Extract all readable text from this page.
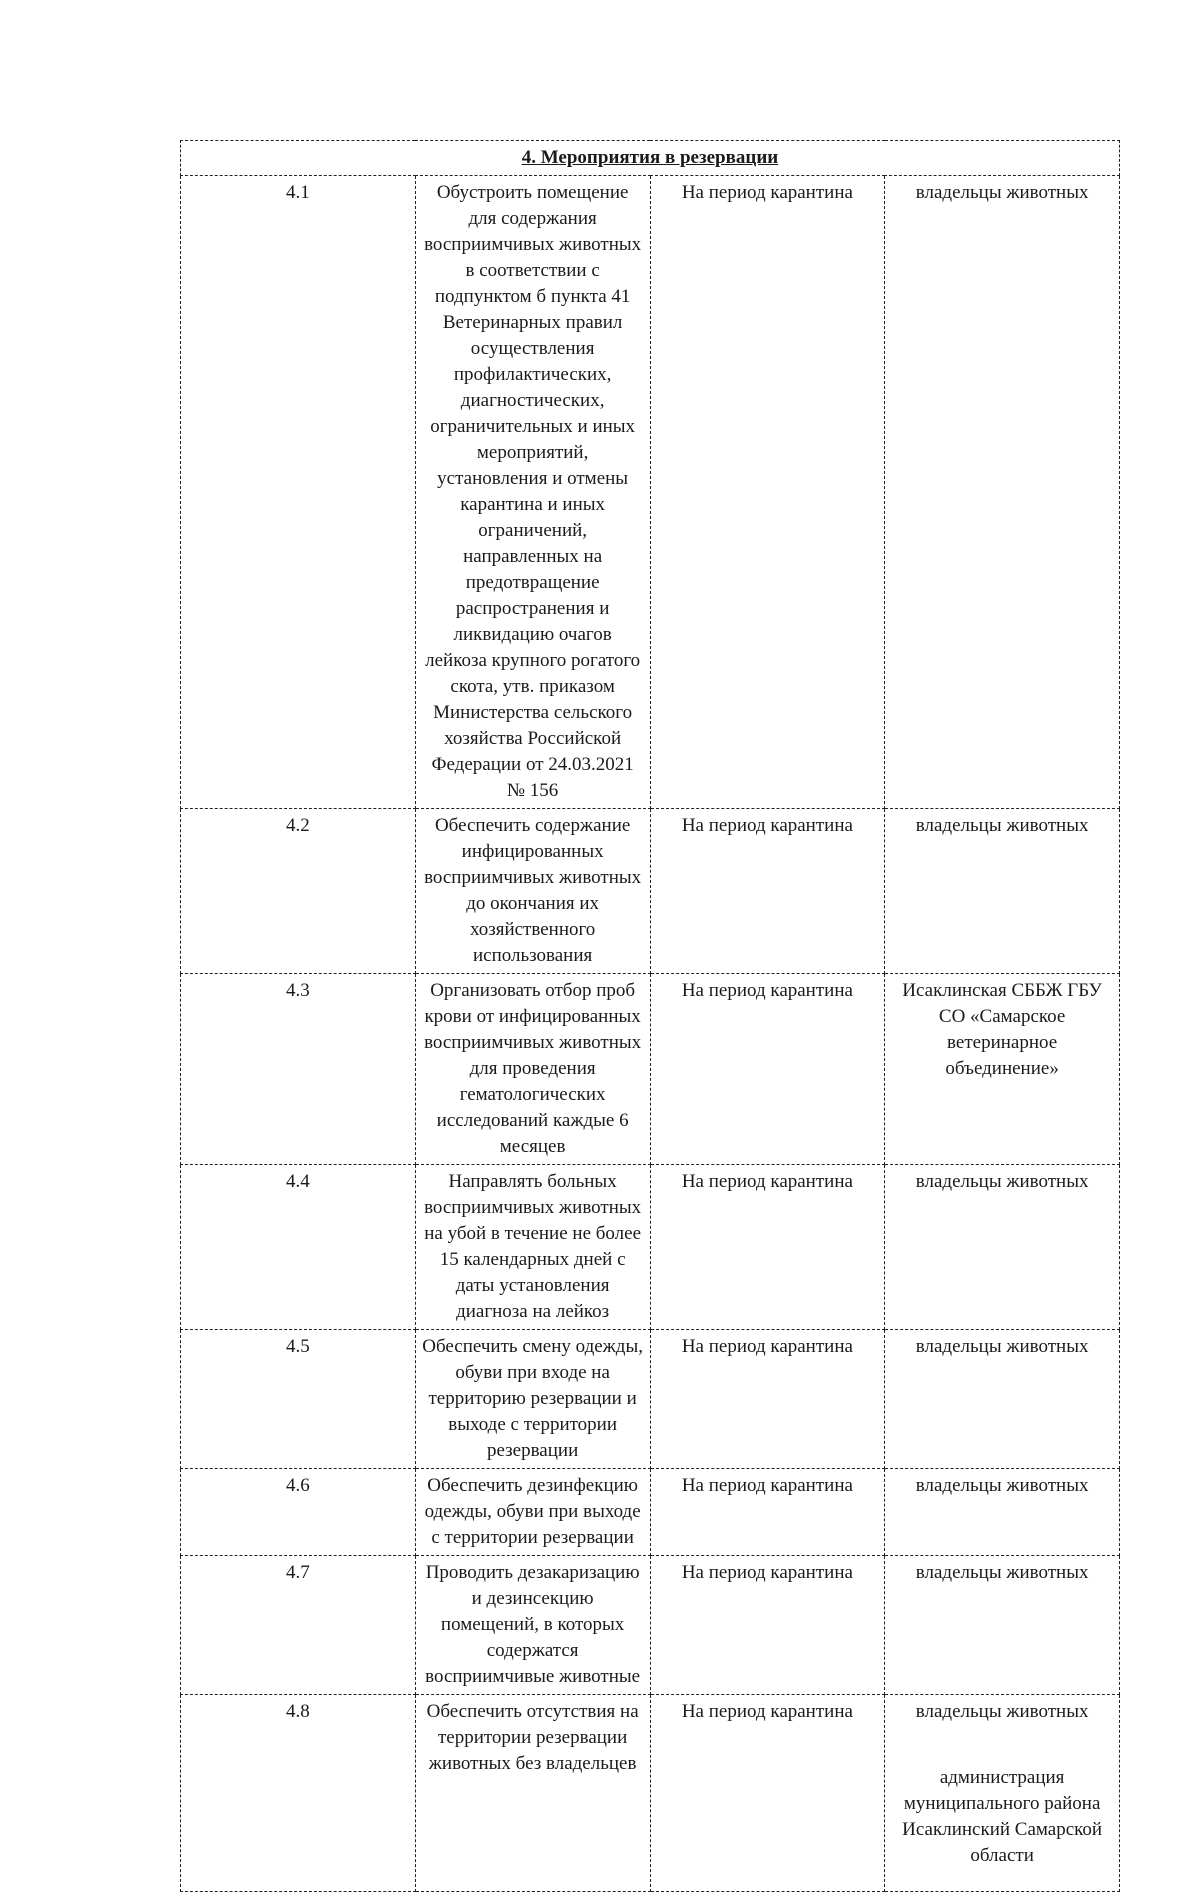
4. Мероприятия в резервации			
4.1	Обустроить помещение для содержания восприимчивых животных в соответствии с подпунктом б пункта 41 Ветеринарных правил осуществления профилактических, диагностических, ограничительных и иных мероприятий, установления и отмены карантина и иных ограничений, направленных на предотвращение распространения и ликвидацию очагов лейкоза крупного рогатого скота, утв. приказом Министерства сельского хозяйства Российской Федерации от 24.03.2021 № 156	На период карантина	владельцы животных
4.2	Обеспечить содержание инфицированных восприимчивых животных до окончания их хозяйственного использования	На период карантина	владельцы животных
4.3	Организовать отбор проб крови от инфицированных восприимчивых животных для проведения гематологических исследований каждые 6 месяцев	На период карантина	Исаклинская СББЖ ГБУ СО «Самарское ветеринарное объединение»
4.4	Направлять больных восприимчивых животных на убой в течение не более 15 календарных дней с даты установления диагноза на лейкоз	На период карантина	владельцы животных
4.5	Обеспечить смену одежды, обуви при входе на территорию резервации и выходе с территории резервации	На период карантина	владельцы животных
4.6	Обеспечить дезинфекцию одежды, обуви при выходе с территории резервации	На период карантина	владельцы животных
4.7	Проводить дезакаризацию и дезинсекцию помещений, в которых содержатся восприимчивые животные	На период карантина	владельцы животных
4.8	Обеспечить отсутствия на территории резервации животных без владельцев	На период карантина	владельцы животных
администрация муниципального района Исаклинский Самарской области
